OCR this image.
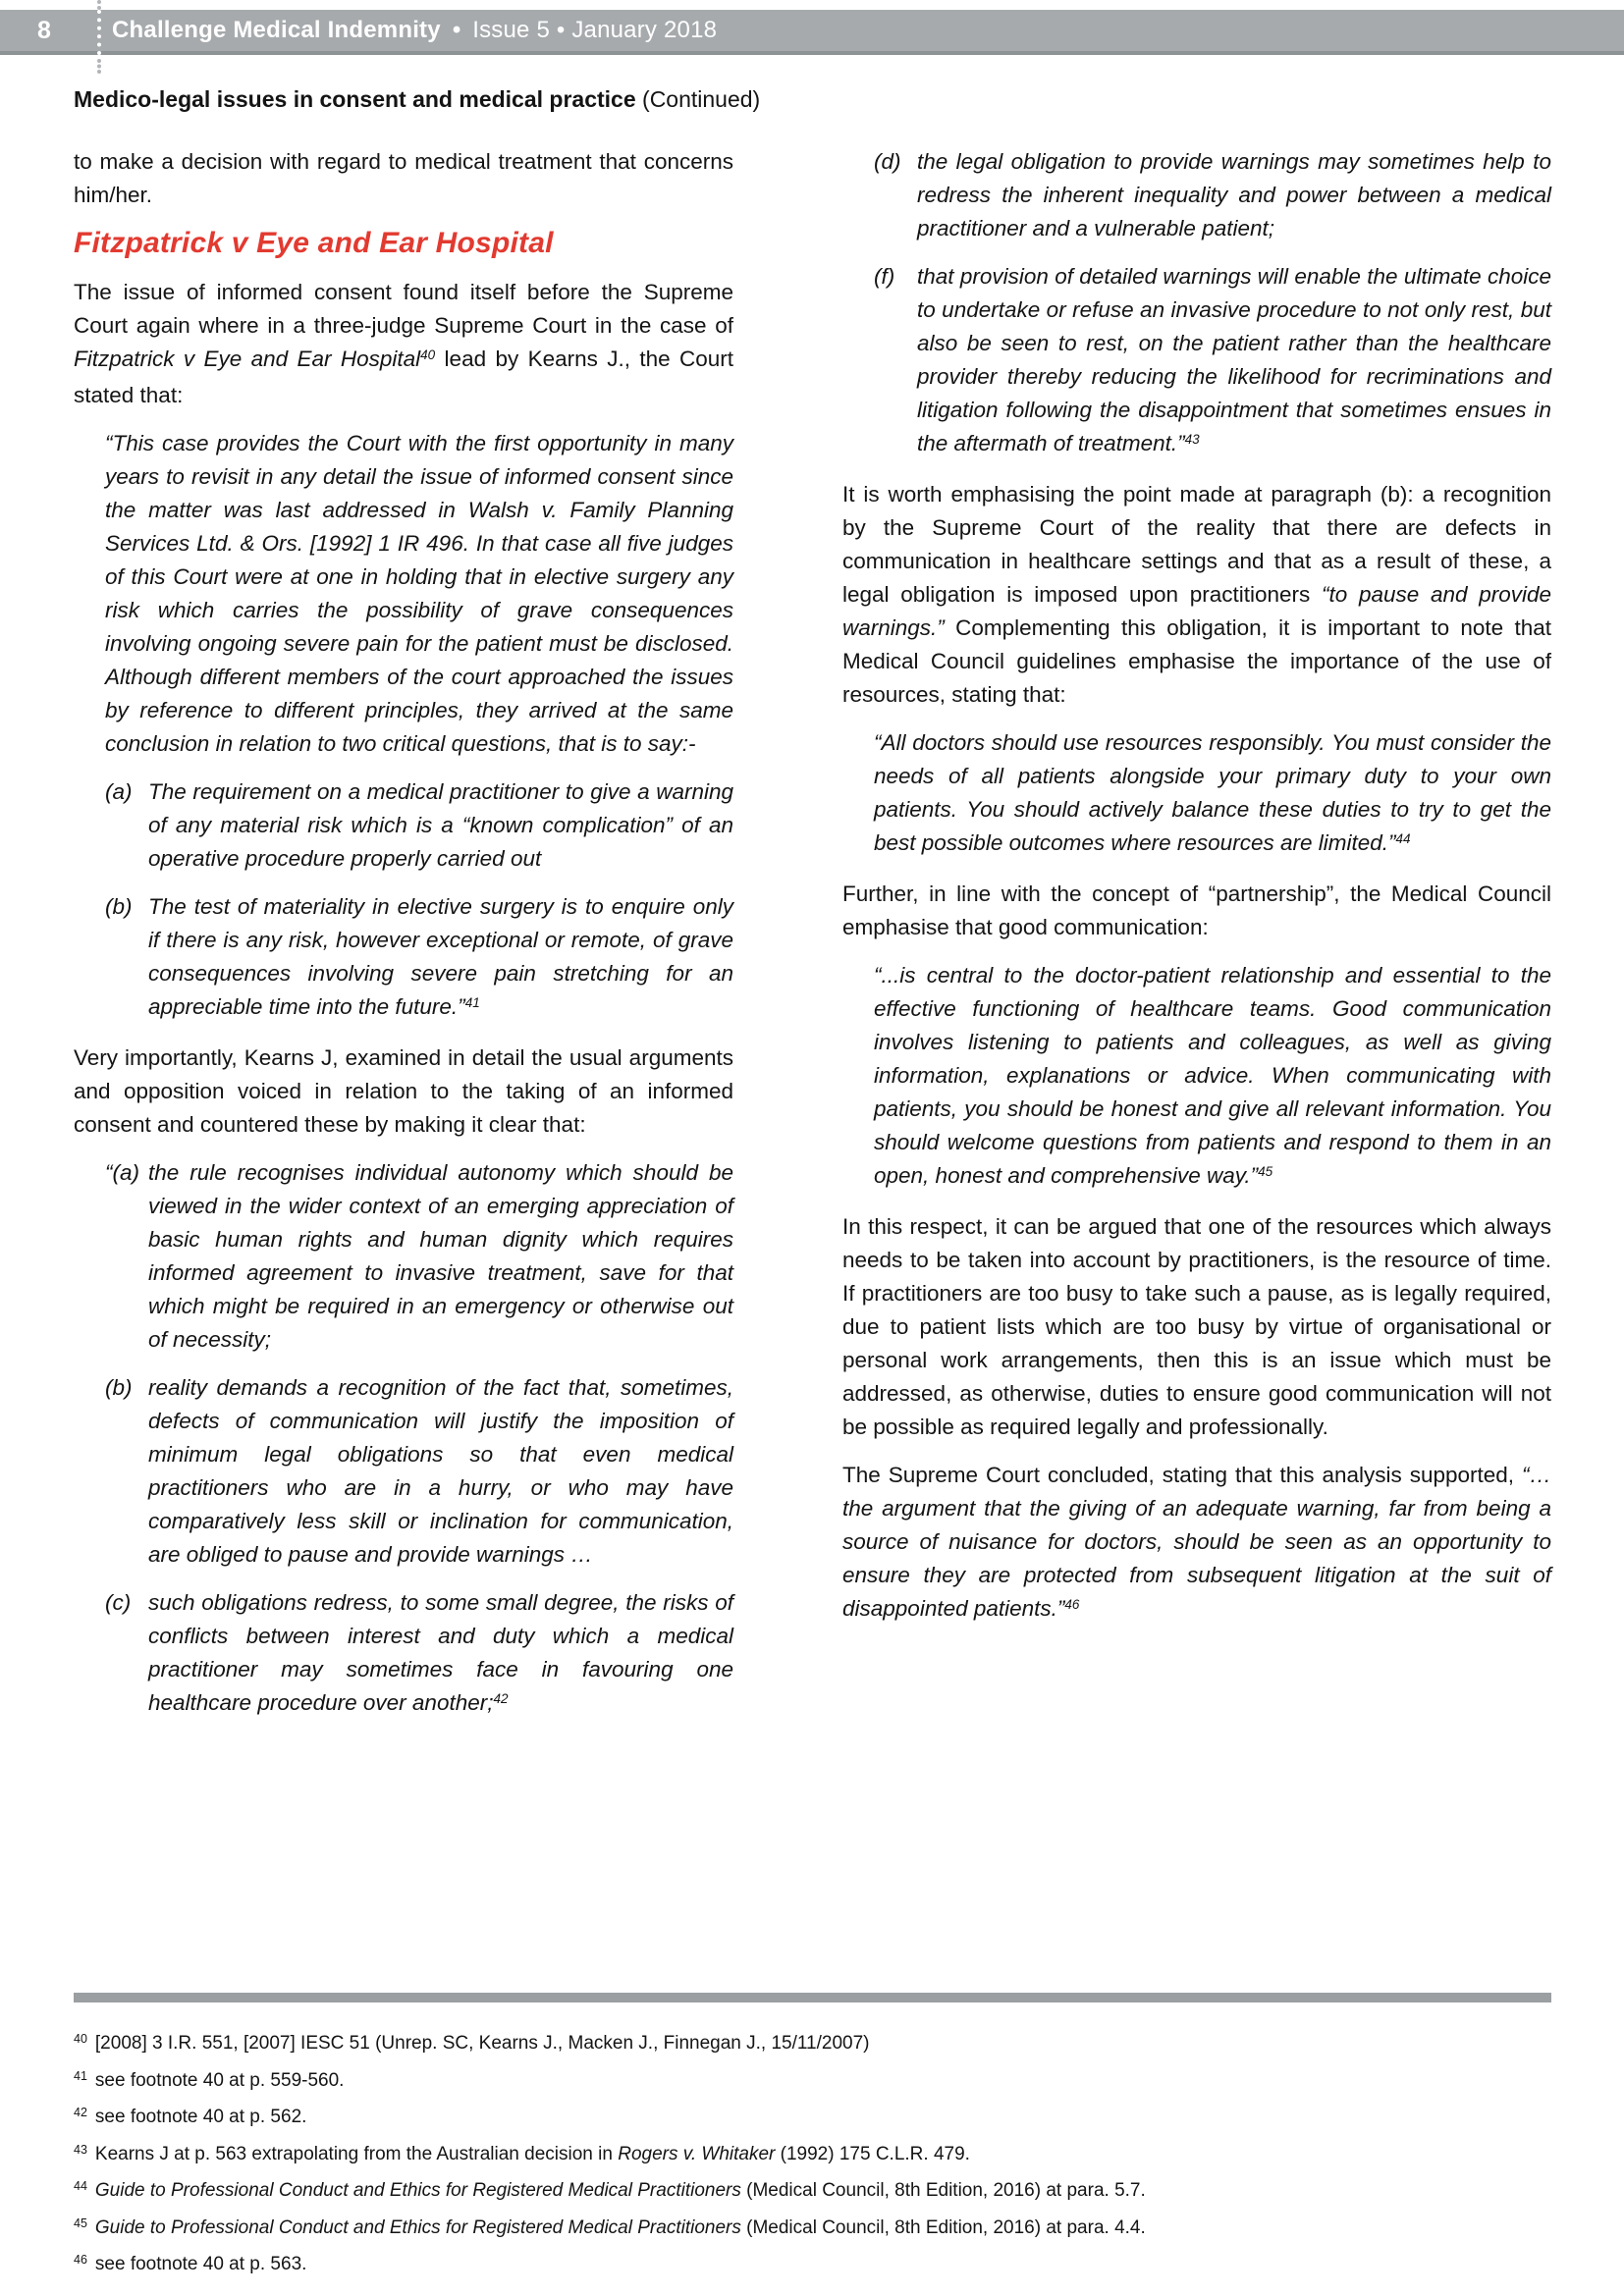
8	Challenge Medical Indemnity • Issue 5 • January 2018
Medico-legal issues in consent and medical practice (Continued)

to make a decision with regard to medical treatment that concerns him/her.

Fitzpatrick v Eye and Ear Hospital

The issue of informed consent found itself before the Supreme Court again where in a three-judge Supreme Court in the case of Fitzpatrick v Eye and Ear Hospital$^{40}$ lead by Kearns J., the Court stated that:

“This case provides the Court with the first opportunity in many years to revisit in any detail the issue of informed consent since the matter was last addressed in Walsh v. Family Planning Services Ltd. & Ors. [1992] 1 IR 496. In that case all five judges of this Court were at one in holding that in elective surgery any risk which carries the possibility of grave consequences involving ongoing severe pain for the patient must be disclosed. Although different members of the court approached the issues by reference to different principles, they arrived at the same conclusion in relation to two critical questions, that is to say:-
(a) The requirement on a medical practitioner to give a warning of any material risk which is a “known complication” of an operative procedure properly carried out
(b) The test of materiality in elective surgery is to enquire only if there is any risk, however exceptional or remote, of grave consequences involving severe pain stretching for an appreciable time into the future.”$^{41}$

Very importantly, Kearns J, examined in detail the usual arguments and opposition voiced in relation to the taking of an informed consent and countered these by making it clear that:

“(a) the rule recognises individual autonomy which should be viewed in the wider context of an emerging appreciation of basic human rights and human dignity which requires informed agreement to invasive treatment, save for that which might be required in an emergency or otherwise out of necessity;
(b) reality demands a recognition of the fact that, sometimes, defects of communication will justify the imposition of minimum legal obligations so that even medical practitioners who are in a hurry, or who may have comparatively less skill or inclination for communication, are obliged to pause and provide warnings …
(c) such obligations redress, to some small degree, the risks of conflicts between interest and duty which a medical practitioner may sometimes face in favouring one healthcare procedure over another;$^{42}$
(d) the legal obligation to provide warnings may sometimes help to redress the inherent inequality and power between a medical practitioner and a vulnerable patient;
(f)	that provision of detailed warnings will enable the ultimate choice to undertake or refuse an invasive procedure to not only rest, but also be seen to rest, on the patient rather than the healthcare provider thereby reducing the likelihood for recriminations and litigation following the disappointment that sometimes ensues in the aftermath of treatment.”$^{43}$

It is worth emphasising the point made at paragraph (b): a recognition by the Supreme Court of the reality that there are defects in communication in healthcare settings and that as a result of these, a legal obligation is imposed upon practitioners “to pause and provide warnings.” Complementing this obligation, it is important to note that Medical Council guidelines emphasise the importance of the use of resources, stating that:

“All doctors should use resources responsibly. You must consider the needs of all patients alongside your primary duty to your own patients. You should actively balance these duties to try to get the best possible outcomes where resources are limited.”$^{44}$

Further, in line with the concept of “partnership”, the Medical Council emphasise that good communication:

“...is central to the doctor-patient relationship and essential to the effective functioning of healthcare teams. Good communication involves listening to patients and colleagues, as well as giving information, explanations or advice. When communicating with patients, you should be honest and give all relevant information. You should welcome questions from patients and respond to them in an open, honest and comprehensive way.”$^{45}$

In this respect, it can be argued that one of the resources which always needs to be taken into account by practitioners, is the resource of time. If practitioners are too busy to take such a pause, as is legally required, due to patient lists which are too busy by virtue of organisational or personal work arrangements, then this is an issue which must be addressed, as otherwise, duties to ensure good communication will not be possible as required legally and professionally.

The Supreme Court concluded, stating that this analysis supported, “…the argument that the giving of an adequate warning, far from being a source of nuisance for doctors, should be seen as an opportunity to ensure they are protected from subsequent litigation at the suit of disappointed patients.”$^{46}$

$^{40}$ [2008] 3 I.R. 551, [2007] IESC 51 (Unrep. SC, Kearns J., Macken J., Finnegan J., 15/11/2007)
$^{41}$ see footnote 40 at p. 559-560.
$^{42}$ see footnote 40 at p. 562.
$^{43}$ Kearns J at p. 563 extrapolating from the Australian decision in Rogers v. Whitaker (1992) 175 C.L.R. 479.
$^{44}$ Guide to Professional Conduct and Ethics for Registered Medical Practitioners (Medical Council, 8th Edition, 2016) at para. 5.7.
$^{45}$ Guide to Professional Conduct and Ethics for Registered Medical Practitioners (Medical Council, 8th Edition, 2016) at para. 4.4.
$^{46}$ see footnote 40 at p. 563.
